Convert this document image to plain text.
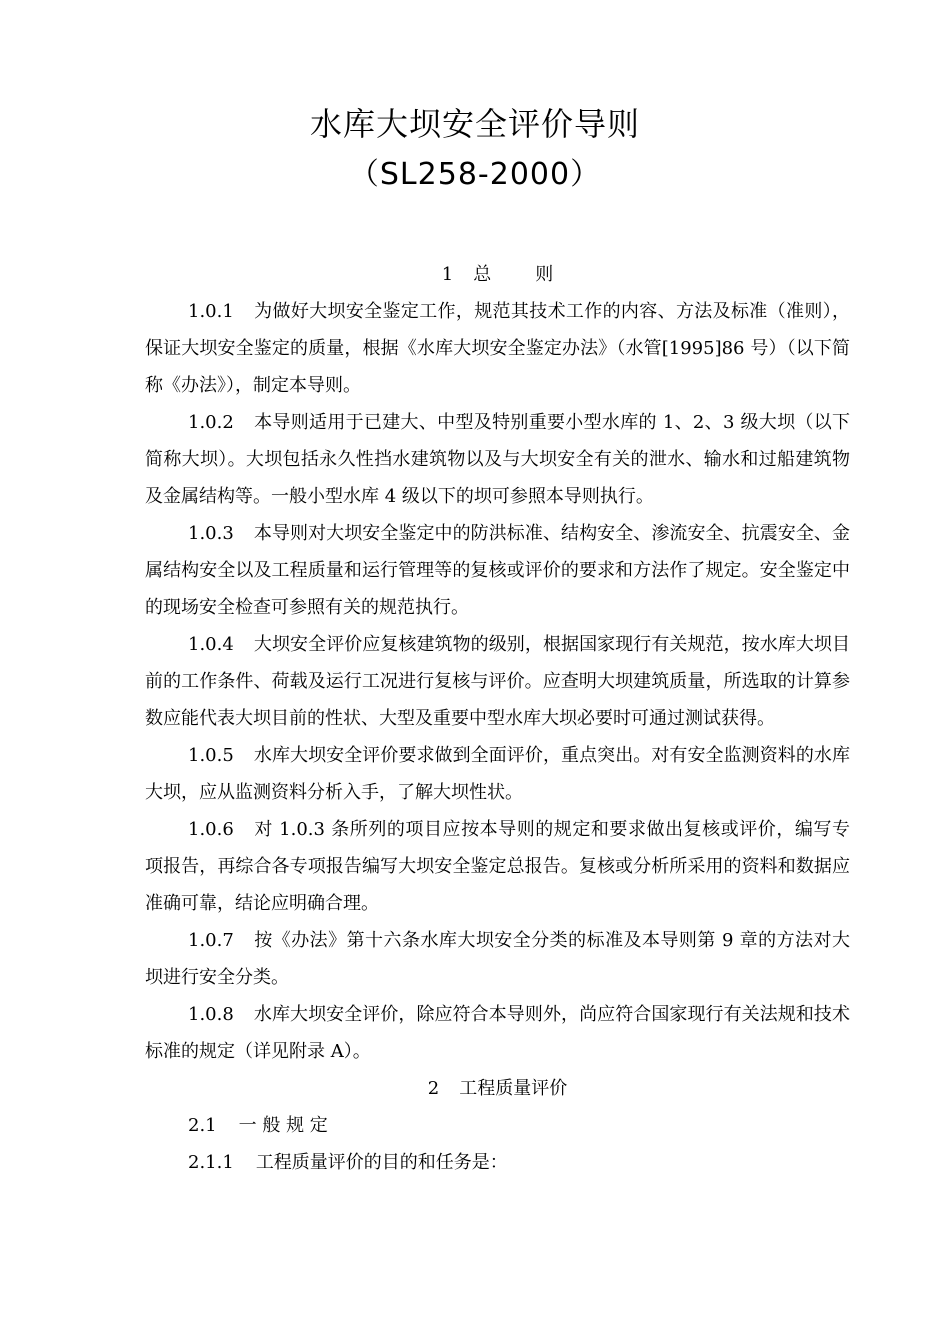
水库大坝安全评价导则
（SL258-2000）
1 总 则

1.0.1 为做好大坝安全鉴定工作，规范其技术工作的内容、方法及标准（准则），保证大坝安全鉴定的质量，根据《水库大坝安全鉴定办法》（水管[1995]86 号）（以下简称《办法》），制定本导则。

1.0.2 本导则适用于已建大、中型及特别重要小型水库的 1、2、3 级大坝（以下简称大坝）。大坝包括永久性挡水建筑物以及与大坝安全有关的泄水、输水和过船建筑物及金属结构等。一般小型水库 4 级以下的坝可参照本导则执行。

1.0.3 本导则对大坝安全鉴定中的防洪标准、结构安全、渗流安全、抗震安全、金属结构安全以及工程质量和运行管理等的复核或评价的要求和方法作了规定。安全鉴定中的现场安全检查可参照有关的规范执行。

1.0.4 大坝安全评价应复核建筑物的级别，根据国家现行有关规范，按水库大坝目前的工作条件、荷载及运行工况进行复核与评价。应查明大坝建筑质量，所选取的计算参数应能代表大坝目前的性状、大型及重要中型水库大坝必要时可通过测试获得。

1.0.5 水库大坝安全评价要求做到全面评价，重点突出。对有安全监测资料的水库大坝，应从监测资料分析入手，了解大坝性状。

1.0.6 对 1.0.3 条所列的项目应按本导则的规定和要求做出复核或评价，编写专项报告，再综合各专项报告编写大坝安全鉴定总报告。复核或分析所采用的资料和数据应准确可靠，结论应明确合理。

1.0.7 按《办法》第十六条水库大坝安全分类的标准及本导则第 9 章的方法对大坝进行安全分类。

1.0.8 水库大坝安全评价，除应符合本导则外，尚应符合国家现行有关法规和技术标准的规定（详见附录 A）。

2 工程质量评价
2.1 一 般 规 定
2.1.1 工程质量评价的目的和任务是：
